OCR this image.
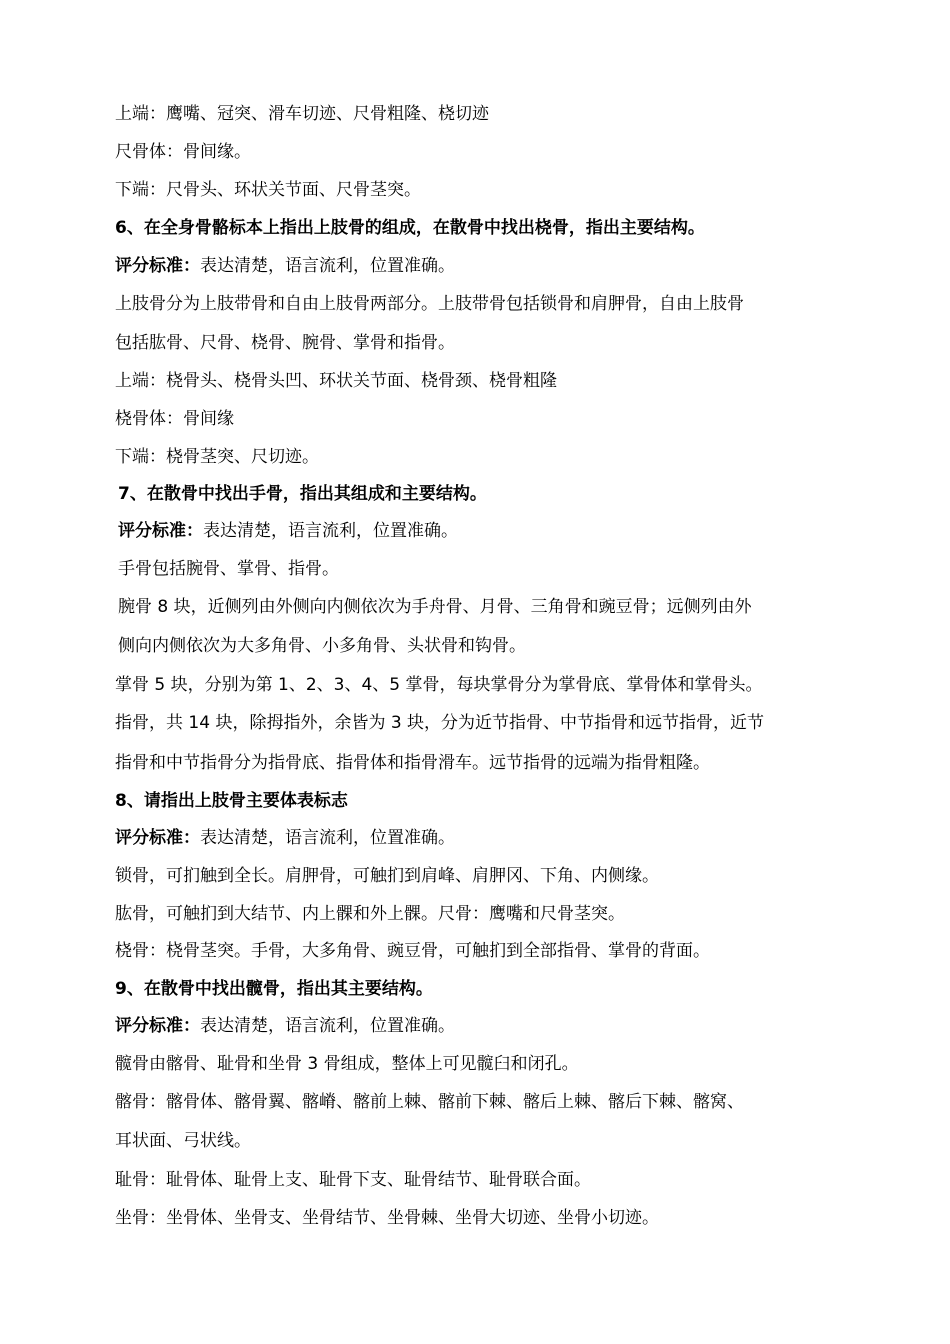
上端：鹰嘴、冠突、滑车切迹、尺骨粗隆、桡切迹
尺骨体：骨间缘。
下端：尺骨头、环状关节面、尺骨茎突。
6、在全身骨骼标本上指出上肢骨的组成，在散骨中找出桡骨，指出主要结构。
评分标准：表达清楚，语言流利，位置准确。
上肢骨分为上肢带骨和自由上肢骨两部分。上肢带骨包括锁骨和肩胛骨，自由上肢骨
包括肱骨、尺骨、桡骨、腕骨、掌骨和指骨。
上端：桡骨头、桡骨头凹、环状关节面、桡骨颈、桡骨粗隆
桡骨体：骨间缘
下端：桡骨茎突、尺切迹。
7、在散骨中找出手骨，指出其组成和主要结构。
评分标准：表达清楚，语言流利，位置准确。
手骨包括腕骨、掌骨、指骨。
腕骨 8 块，近侧列由外侧向内侧依次为手舟骨、月骨、三角骨和豌豆骨；远侧列由外
侧向内侧依次为大多角骨、小多角骨、头状骨和钩骨。
掌骨 5 块，分别为第 1、2、3、4、5 掌骨，每块掌骨分为掌骨底、掌骨体和掌骨头。
指骨，共 14 块，除拇指外，余皆为 3 块，分为近节指骨、中节指骨和远节指骨，近节
指骨和中节指骨分为指骨底、指骨体和指骨滑车。远节指骨的远端为指骨粗隆。
8、请指出上肢骨主要体表标志
评分标准：表达清楚，语言流利，位置准确。
锁骨，可扪触到全长。肩胛骨，可触扪到肩峰、肩胛冈、下角、内侧缘。
肱骨，可触扪到大结节、内上髁和外上髁。尺骨：鹰嘴和尺骨茎突。
桡骨：桡骨茎突。手骨，大多角骨、豌豆骨，可触扪到全部指骨、掌骨的背面。
9、在散骨中找出髋骨，指出其主要结构。
评分标准：表达清楚，语言流利，位置准确。
髋骨由髂骨、耻骨和坐骨 3 骨组成，整体上可见髋臼和闭孔。
髂骨：髂骨体、髂骨翼、髂嵴、髂前上棘、髂前下棘、髂后上棘、髂后下棘、髂窝、
耳状面、弓状线。
耻骨：耻骨体、耻骨上支、耻骨下支、耻骨结节、耻骨联合面。
坐骨：坐骨体、坐骨支、坐骨结节、坐骨棘、坐骨大切迹、坐骨小切迹。
